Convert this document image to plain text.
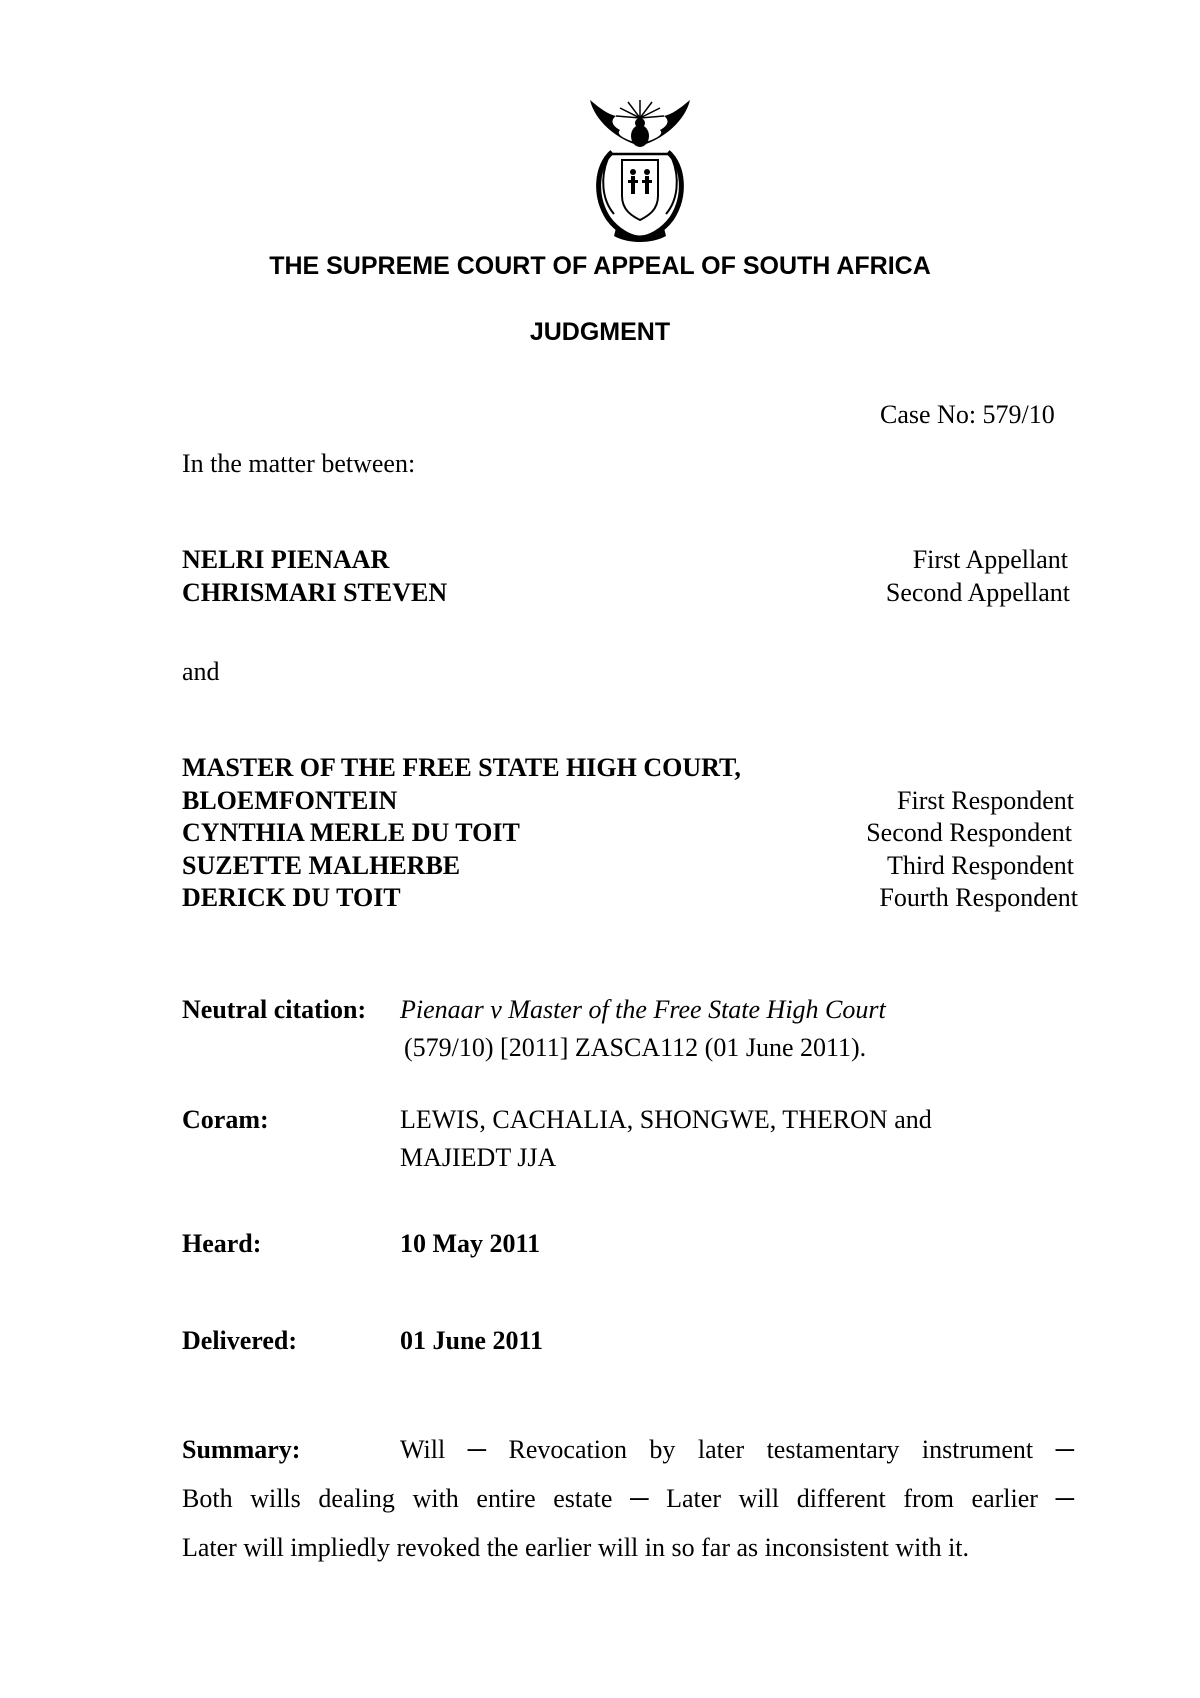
THE SUPREME COURT OF APPEAL OF SOUTH AFRICA
JUDGMENT
Case No: 579/10
In the matter between:
NELRI PIENAAR	First Appellant
CHRISMARI STEVEN	Second Appellant
and
MASTER OF THE FREE STATE HIGH COURT,
BLOEMFONTEIN	First Respondent
CYNTHIA MERLE DU TOIT	Second Respondent
SUZETTE MALHERBE	Third Respondent
DERICK DU TOIT	Fourth Respondent
Neutral citation: Pienaar v Master of the Free State High Court
(579/10) [2011] ZASCA112 (01 June 2011).
Coram:	LEWIS, CACHALIA, SHONGWE, THERON and
MAJIEDT JJA
Heard:	10 May 2011
Delivered:	01 June 2011
Summary:	Will ─ Revocation by later testamentary instrument ─
Both wills dealing with entire estate ─ Later will different from earlier ─
Later will impliedly revoked the earlier will in so far as inconsistent with it.
